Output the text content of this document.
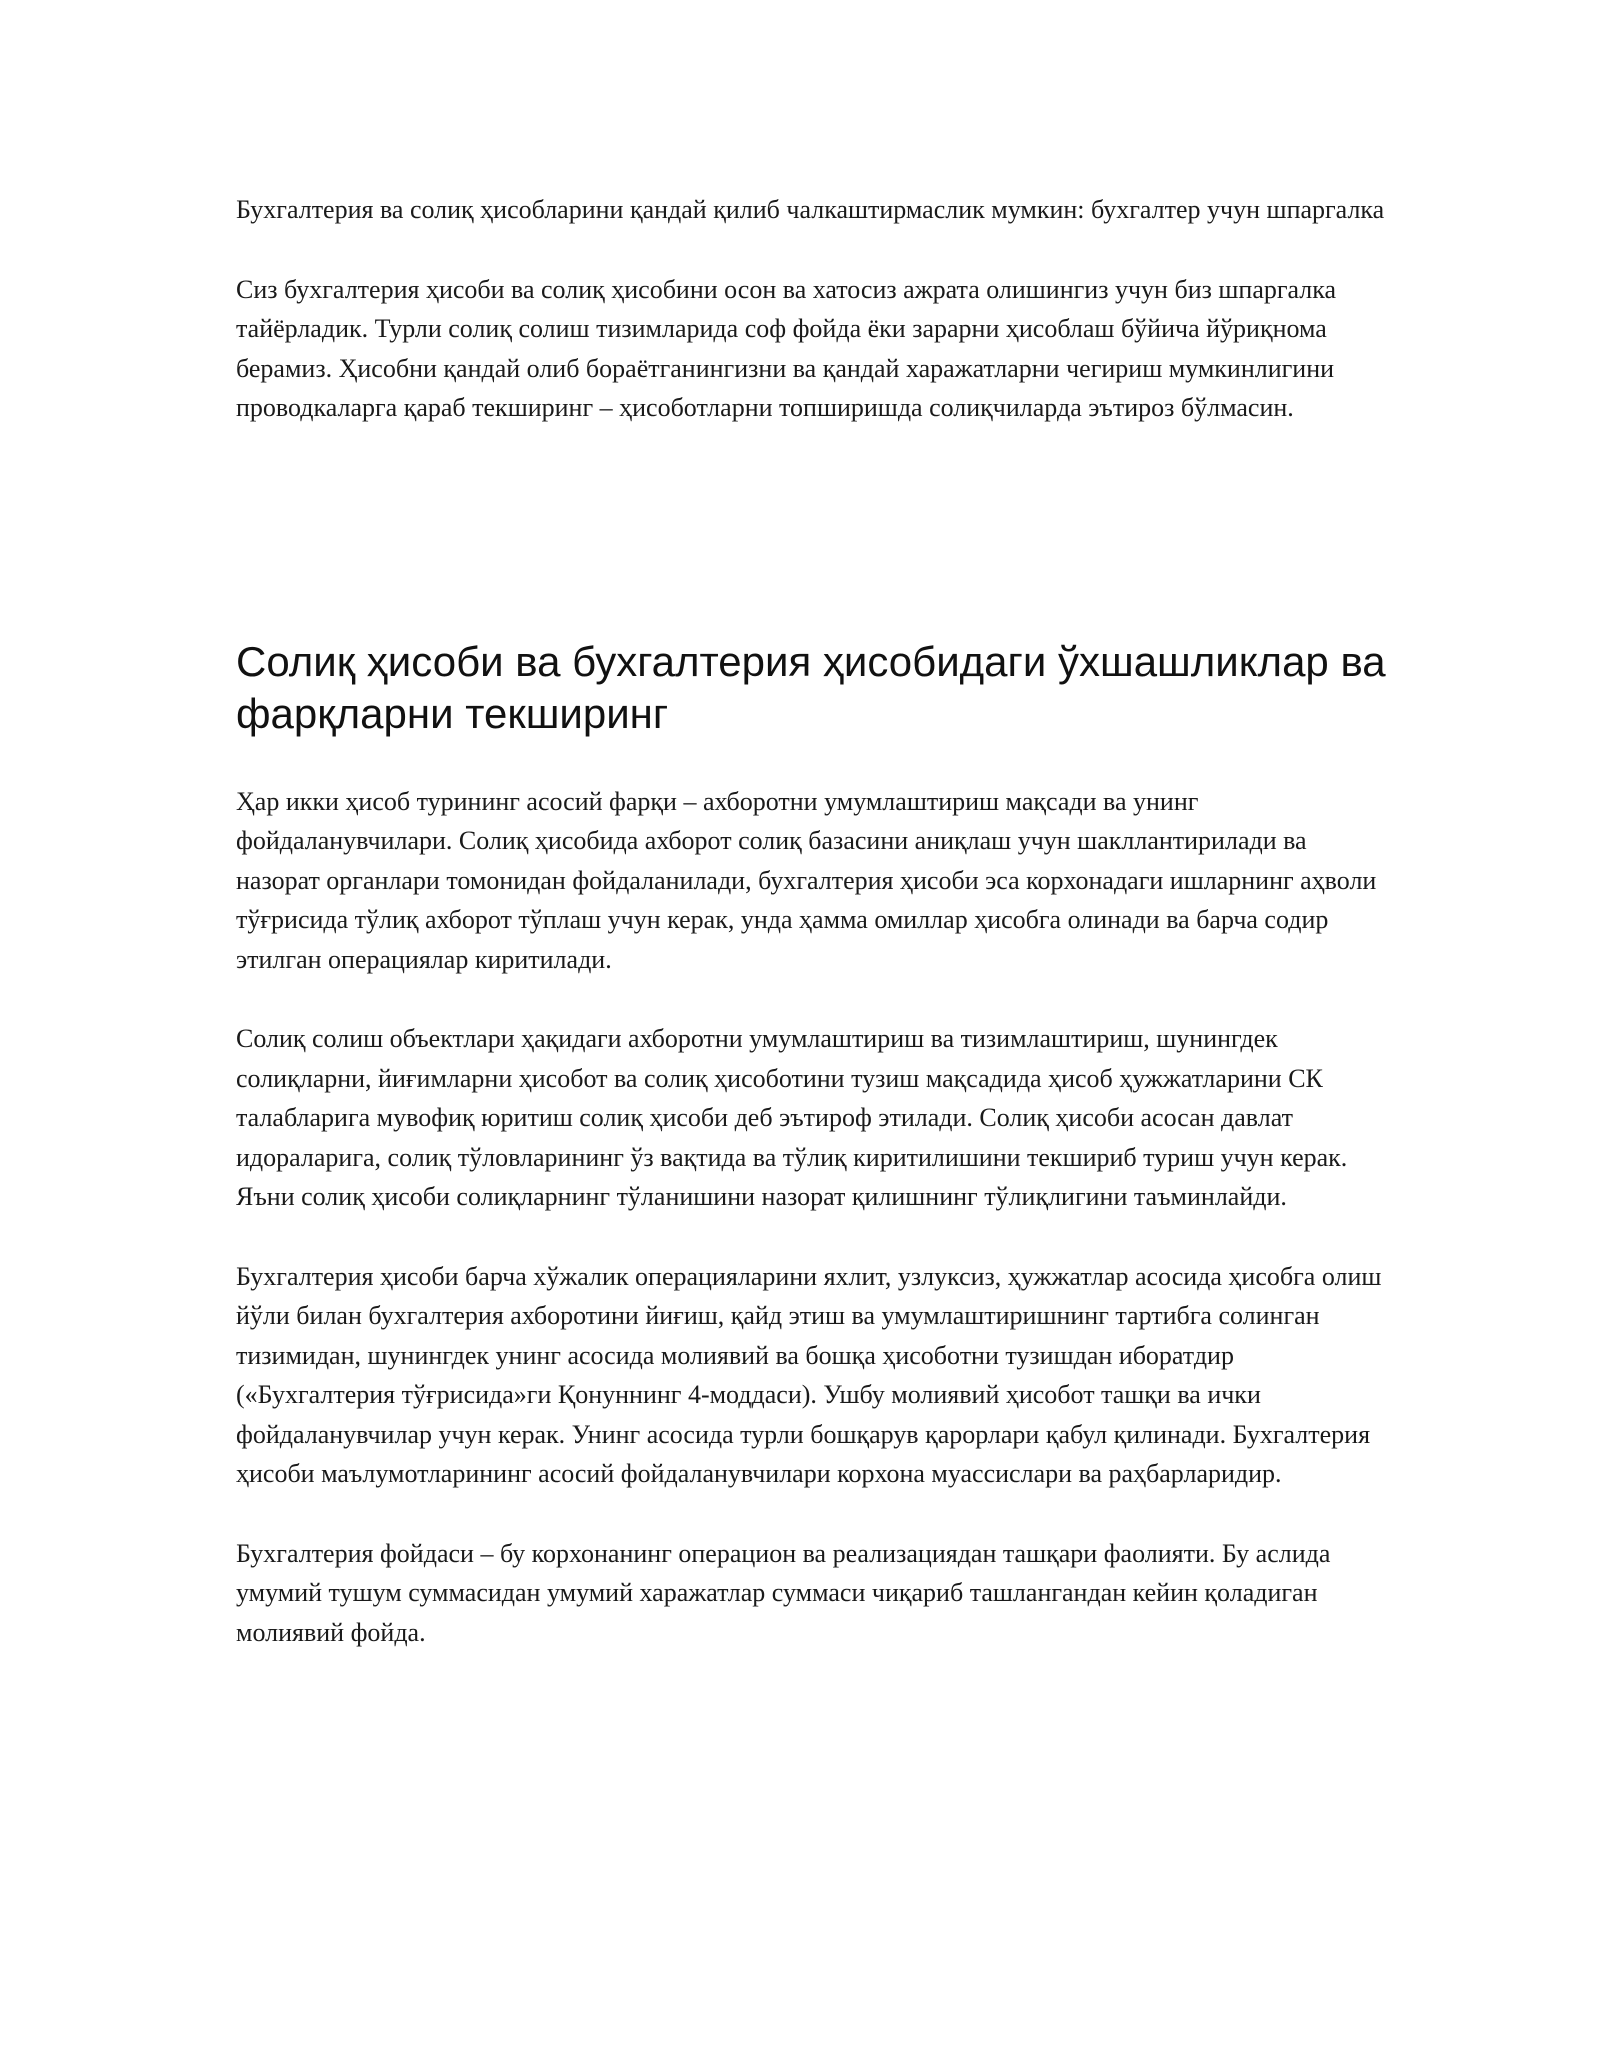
Бухгалтерия ва солиқ ҳисобларини қандай қилиб чалкаштирмаслик мумкин: бухгалтер учун шпаргалка

Сиз бухгалтерия ҳисоби ва солиқ ҳисобини осон ва хатосиз ажрата олишингиз учун биз шпаргалка тайёрладик. Турли солиқ солиш тизимларида соф фойда ёки зарарни ҳисоблаш бўйича йўриқнома берамиз. Ҳисобни қандай олиб бораётганингизни ва қандай харажатларни чегириш мумкинлигини проводкаларга қараб текширинг – ҳисоботларни топширишда солиқчиларда эътироз бўлмасин.

Солиқ ҳисоби ва бухгалтерия ҳисобидаги ўхшашликлар ва фарқларни текширинг

Ҳар икки ҳисоб турининг асосий фарқи – ахборотни умумлаштириш мақсади ва унинг фойдаланувчилари. Солиқ ҳисобида ахборот солиқ базасини аниқлаш учун шакллантирилади ва назорат органлари томонидан фойдаланилади, бухгалтерия ҳисоби эса корхонадаги ишларнинг аҳволи тўғрисида тўлиқ ахборот тўплаш учун керак, унда ҳамма омиллар ҳисобга олинади ва барча содир этилган операциялар киритилади.

Солиқ солиш объектлари ҳақидаги ахборотни умумлаштириш ва тизимлаштириш, шунингдек солиқларни, йиғимларни ҳисобот ва солиқ ҳисоботини тузиш мақсадида ҳисоб ҳужжатларини СК талабларига мувофиқ юритиш солиқ ҳисоби деб эътироф этилади. Солиқ ҳисоби асосан давлат идораларига, солиқ тўловларининг ўз вақтида ва тўлиқ киритилишини текшириб туриш учун керак. Яъни солиқ ҳисоби солиқларнинг тўланишини назорат қилишнинг тўлиқлигини таъминлайди.

Бухгалтерия ҳисоби барча хўжалик операцияларини яхлит, узлуксиз, ҳужжатлар асосида ҳисобга олиш йўли билан бухгалтерия ахборотини йиғиш, қайд этиш ва умумлаштиришнинг тартибга солинган тизимидан, шунингдек унинг асосида молиявий ва бошқа ҳисоботни тузишдан иборатдир («Бухгалтерия тўғрисида»ги Қонуннинг 4-моддаси). Ушбу молиявий ҳисобот ташқи ва ички фойдаланувчилар учун керак. Унинг асосида турли бошқарув қарорлари қабул қилинади. Бухгалтерия ҳисоби маълумотларининг асосий фойдаланувчилари корхона муассислари ва раҳбарларидир.

Бухгалтерия фойдаси – бу корхонанинг операцион ва реализациядан ташқари фаолияти. Бу аслида умумий тушум суммасидан умумий харажатлар суммаси чиқариб ташлангандан кейин қоладиган молиявий фойда.
